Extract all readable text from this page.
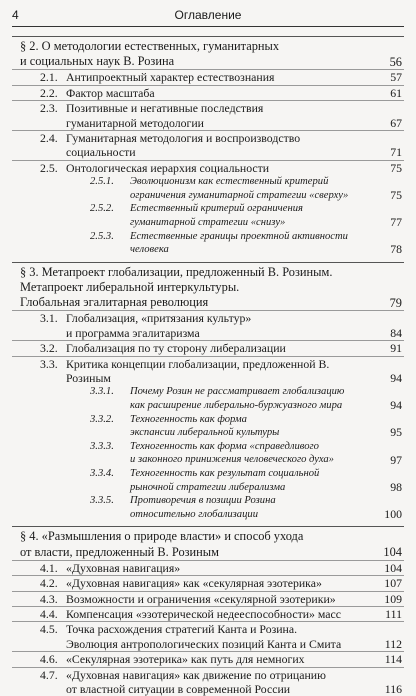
4	Оглавление
§ 2. О методологии естественных, гуманитарных
и социальных наук В. Розина	56
2.1. Антипроектный характер естествознания	57
2.2. Фактор масштаба	61
2.3. Позитивные и негативные последствия
гуманитарной методологии	67
2.4. Гуманитарная методология и воспроизводство социальности	71
2.5. Онтологическая иерархия социальности	75
2.5.1.	Эволюционизм как естественный критерий
ограничения гуманитарной стратегии «сверху»	75
2.5.2.	Естественный критерий ограничения
гуманитарной стратегии «снизу»	77
2.5.3.	Естественные границы проектной активности человека	78
§ 3. Метапроект глобализации, предложенный В. Розиным.
Метапроект либеральной интеркультуры.
Глобальная эгалитарная революция	79
3.1. Глобализация, «притязания культур»
и программа эгалитаризма	84
3.2. Глобализация по ту сторону либерализации	91
3.3. Критика концепции глобализации, предложенной В. Розиным	94
3.3.1.	Почему Розин не рассматривает глобализацию
как расширение либерально-буржуазного мира	94
3.3.2.	Техногенность как форма
экспансии либеральной культуры	95
3.3.3.	Техногенность как форма «справедливого
и законного принижения человеческого духа»	97
3.3.4.	Техногенность как результат социальной
рыночной стратегии либерализма	98
3.3.5.	Противоречия в позиции Розина
относительно глобализации	100
§ 4. «Размышления о природе власти» и способ ухода
от власти, предложенный В. Розиным	104
4.1. «Духовная навигация»	104
4.2. «Духовная навигация» как «секулярная эзотерика»	107
4.3. Возможности и ограничения «секулярной эзотерики»	109
4.4. Компенсация «эзотерической недееспособности» масс	111
4.5. Точка расхождения стратегий Канта и Розина.
Эволюция антропологических позиций Канта и Смита	112
4.6. «Секулярная эзотерика» как путь для немногих	114
4.7. «Духовная навигация» как движение по отрицанию
от властной ситуации в современной России	116
